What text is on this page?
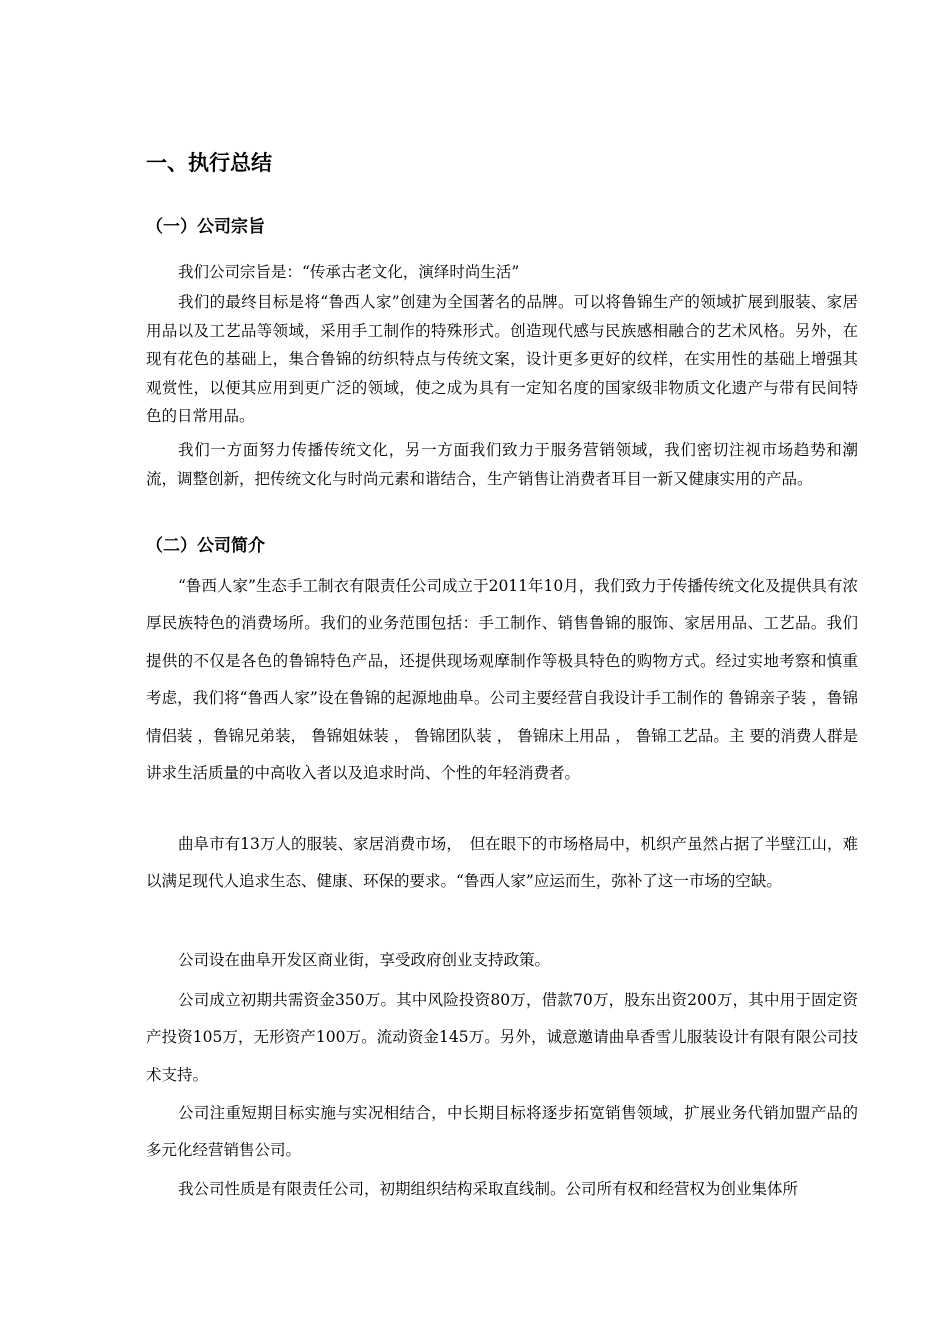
一、执行总结
（一）公司宗旨

我们公司宗旨是：“传承古老文化，演绎时尚生活”

我们的最终目标是将“鲁西人家”创建为全国著名的品牌。可以将鲁锦生产的领域扩展到服装、家居用品以及工艺品等领域，采用手工制作的特殊形式。创造现代感与民族感相融合的艺术风格。另外，在现有花色的基础上，集合鲁锦的纺织特点与传统文案，设计更多更好的纹样，在实用性的基础上增强其观赏性，以便其应用到更广泛的领域，使之成为具有一定知名度的国家级非物质文化遗产与带有民间特色的日常用品。

我们一方面努力传播传统文化，另一方面我们致力于服务营销领域，我们密切注视市场趋势和潮流，调整创新，把传统文化与时尚元素和谐结合，生产销售让消费者耳目一新又健康实用的产品。

（二）公司简介

“鲁西人家”生态手工制衣有限责任公司成立于2011年10月，我们致力于传播传统文化及提供具有浓厚民族特色的消费场所。我们的业务范围包括：手工制作、销售鲁锦的服饰、家居用品、工艺品。我们提供的不仅是各色的鲁锦特色产品，还提供现场观摩制作等极具特色的购物方式。经过实地考察和慎重考虑，我们将“鲁西人家”设在鲁锦的起源地曲阜。公司主要经营自我设计手工制作的 鲁锦亲子装 ，鲁锦情侣装 ，鲁锦兄弟装， 鲁锦姐妹装 ， 鲁锦团队装 ， 鲁锦床上用品 ， 鲁锦工艺品。主 要的消费人群是讲求生活质量的中高收入者以及追求时尚、个性的年轻消费者。

曲阜市有13万人的服装、家居消费市场，　但在眼下的市场格局中，机织产虽然占据了半壁江山，难以满足现代人追求生态、健康、环保的要求。“鲁西人家”应运而生，弥补了这一市场的空缺。

公司设在曲阜开发区商业街，享受政府创业支持政策。

公司成立初期共需资金350万。其中风险投资80万，借款70万，股东出资200万，其中用于固定资产投资105万，无形资产100万。流动资金145万。另外，诚意邀请曲阜香雪儿服装设计有限有限公司技术支持。

公司注重短期目标实施与实况相结合，中长期目标将逐步拓宽销售领域，扩展业务代销加盟产品的多元化经营销售公司。

我公司性质是有限责任公司，初期组织结构采取直线制。公司所有权和经营权为创业集体所
